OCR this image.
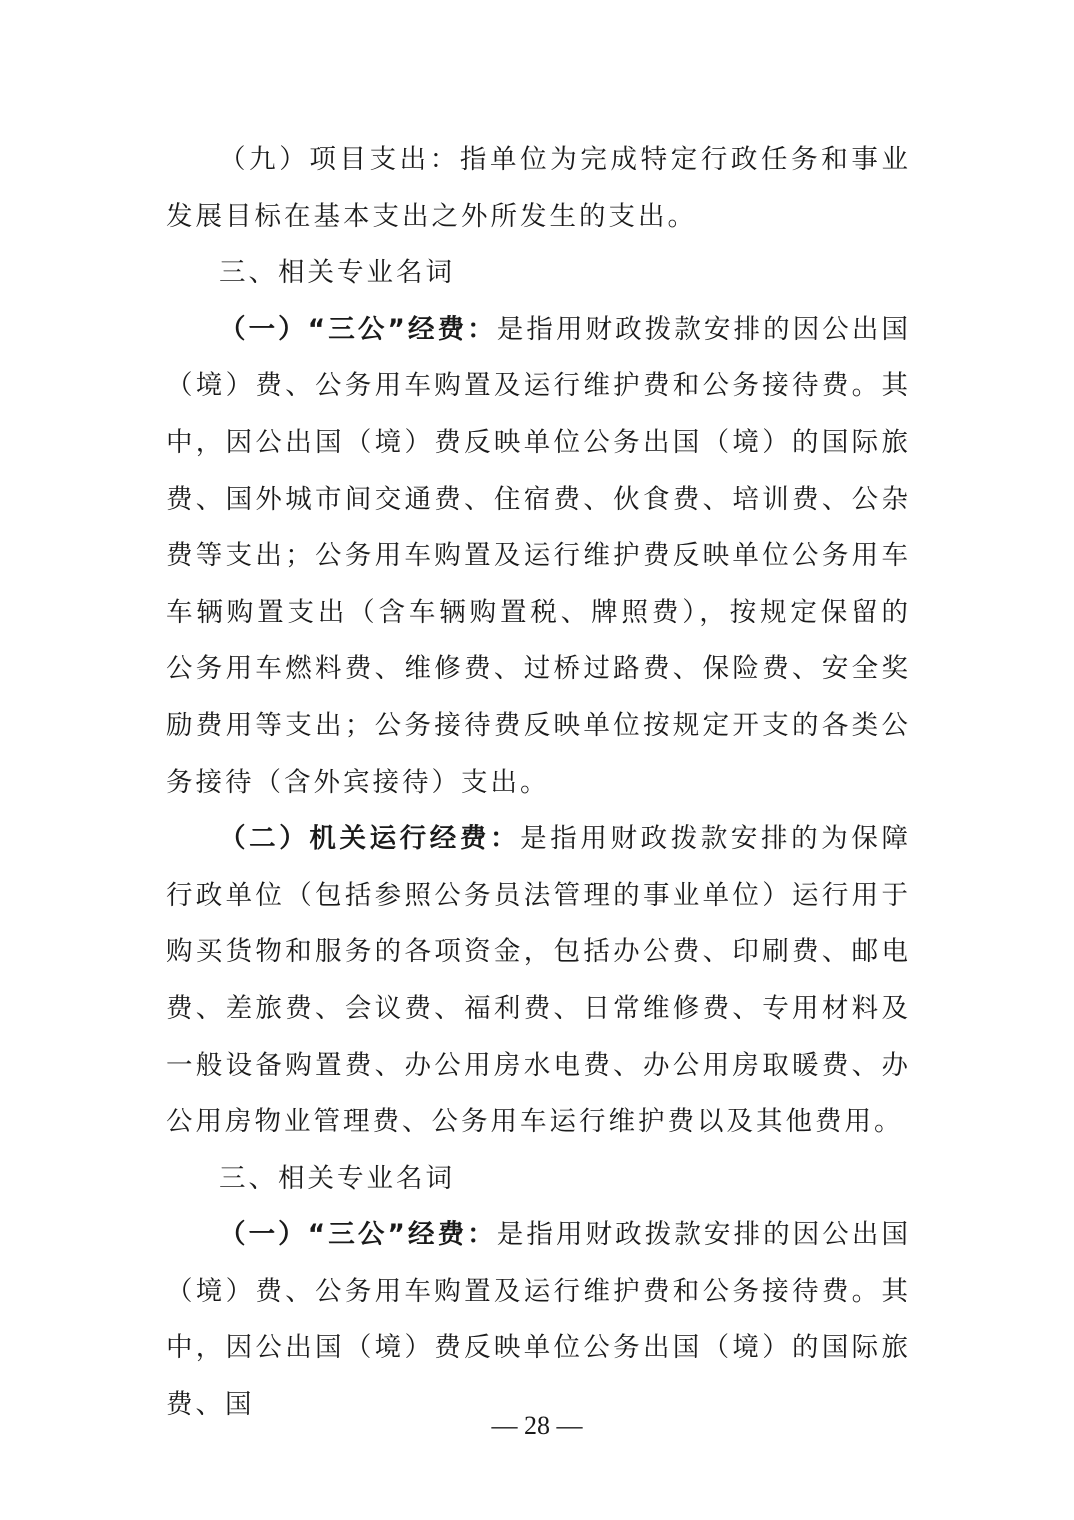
（九）项目支出：指单位为完成特定行政任务和事业发展目标在基本支出之外所发生的支出。

三、相关专业名词

（一）“三公”经费：是指用财政拨款安排的因公出国（境）费、公务用车购置及运行维护费和公务接待费。其中，因公出国（境）费反映单位公务出国（境）的国际旅费、国外城市间交通费、住宿费、伙食费、培训费、公杂费等支出；公务用车购置及运行维护费反映单位公务用车车辆购置支出（含车辆购置税、牌照费），按规定保留的公务用车燃料费、维修费、过桥过路费、保险费、安全奖励费用等支出；公务接待费反映单位按规定开支的各类公务接待（含外宾接待）支出。

（二）机关运行经费：是指用财政拨款安排的为保障行政单位（包括参照公务员法管理的事业单位）运行用于购买货物和服务的各项资金，包括办公费、印刷费、邮电费、差旅费、会议费、福利费、日常维修费、专用材料及一般设备购置费、办公用房水电费、办公用房取暖费、办公用房物业管理费、公务用车运行维护费以及其他费用。

三、相关专业名词

（一）“三公”经费：是指用财政拨款安排的因公出国（境）费、公务用车购置及运行维护费和公务接待费。其中，因公出国（境）费反映单位公务出国（境）的国际旅费、国

— 28 —
